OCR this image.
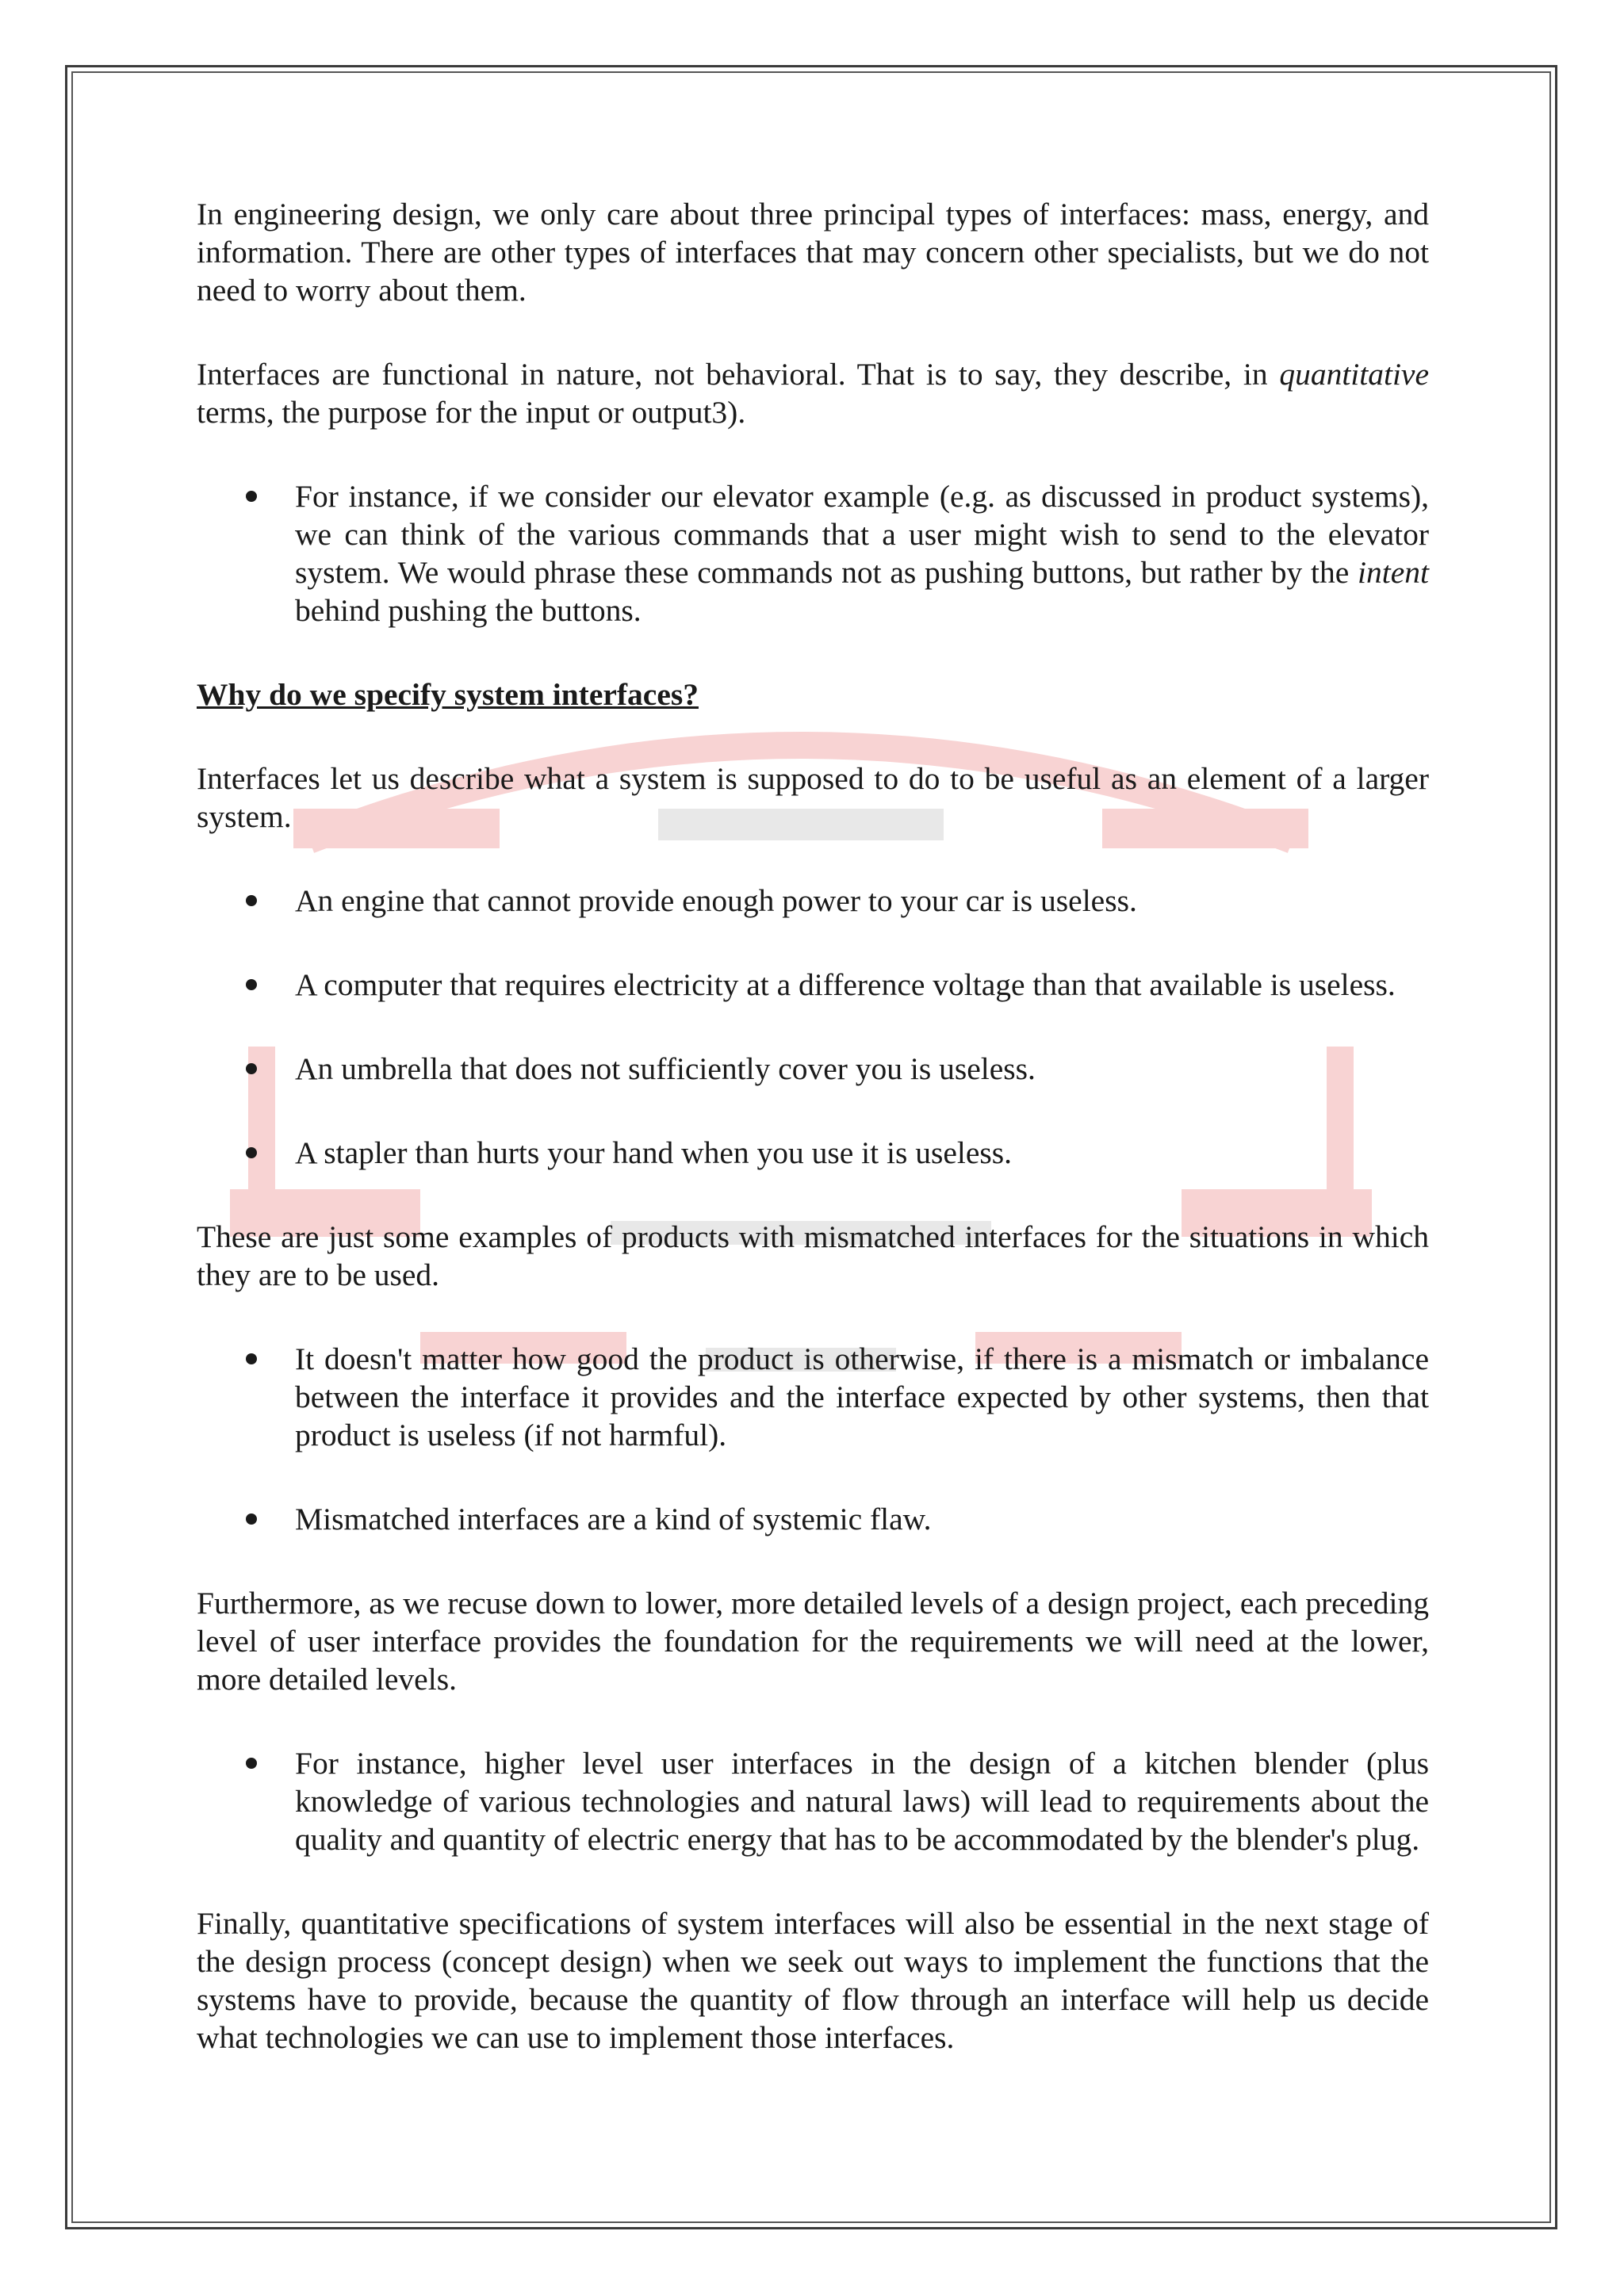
In engineering design, we only care about three principal types of interfaces: mass, energy, and information. There are other types of interfaces that may concern other specialists, but we do not need to worry about them.

Interfaces are functional in nature, not behavioral. That is to say, they describe, in quantitative terms, the purpose for the input or output3).

For instance, if we consider our elevator example (e.g. as discussed in product systems), we can think of the various commands that a user might wish to send to the elevator system. We would phrase these commands not as pushing buttons, but rather by the intent behind pushing the buttons.

Why do we specify system interfaces?

Interfaces let us describe what a system is supposed to do to be useful as an element of a larger system.

An engine that cannot provide enough power to your car is useless.
A computer that requires electricity at a difference voltage than that available is useless.
An umbrella that does not sufficiently cover you is useless.
A stapler than hurts your hand when you use it is useless.

These are just some examples of products with mismatched interfaces for the situations in which they are to be used.

It doesn't matter how good the product is otherwise, if there is a mismatch or imbalance between the interface it provides and the interface expected by other systems, then that product is useless (if not harmful).
Mismatched interfaces are a kind of systemic flaw.

Furthermore, as we recuse down to lower, more detailed levels of a design project, each preceding level of user interface provides the foundation for the requirements we will need at the lower, more detailed levels.

For instance, higher level user interfaces in the design of a kitchen blender (plus knowledge of various technologies and natural laws) will lead to requirements about the quality and quantity of electric energy that has to be accommodated by the blender's plug.

Finally, quantitative specifications of system interfaces will also be essential in the next stage of the design process (concept design) when we seek out ways to implement the functions that the systems have to provide, because the quantity of flow through an interface will help us decide what technologies we can use to implement those interfaces.
